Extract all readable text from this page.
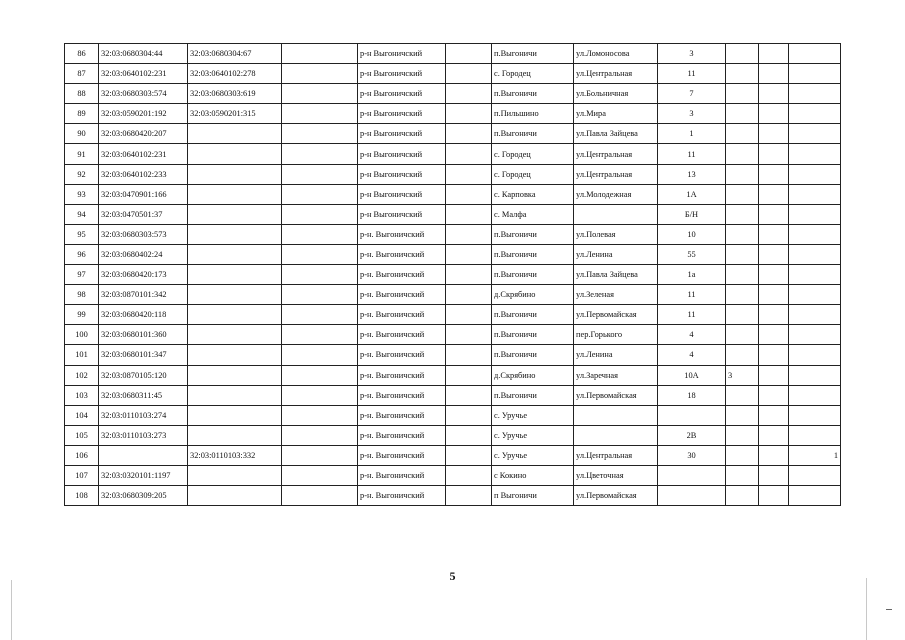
86	32:03:0680304:44	32:03:0680304:67		р-н Выгоничский		п.Выгоничи	ул.Ломоносова	3			
87	32:03:0640102:231	32:03:0640102:278		р-н Выгоничский		с. Городец	ул.Центральная	11			
88	32:03:0680303:574	32:03:0680303:619		р-н Выгоничский		п.Выгоничи	ул.Больничная	7			
89	32:03:0590201:192	32:03:0590201:315		р-н Выгоничский		п.Пильшино	ул.Мира	3			
90	32:03:0680420:207			р-н Выгоничский		п.Выгоничи	ул.Павла Зайцева	1			
91	32:03:0640102:231			р-н Выгоничский		с. Городец	ул.Центральная	11			
92	32:03:0640102:233			р-н Выгоничский		с. Городец	ул.Центральная	13			
93	32:03:0470901:166			р-н Выгоничский		с. Карповка	ул.Молодежная	1А			
94	32:03:0470501:37			р-н Выгоничский		с. Малфа		Б/Н			
95	32:03:0680303:573			р-н. Выгоничский		п.Выгоничи	ул.Полевая	10			
96	32:03:0680402:24			р-н. Выгоничский		п.Выгоничи	ул.Ленина	55			
97	32:03:0680420:173			р-н. Выгоничский		п.Выгоничи	ул.Павла Зайцева	1а			
98	32:03:0870101:342			р-н. Выгоничский		д.Скрябино	ул.Зеленая	11			
99	32:03:0680420:118			р-н. Выгоничский		п.Выгоничи	ул.Первомайская	11			
100	32:03:0680101:360			р-н. Выгоничский		п.Выгоничи	пер.Горького	4			
101	32:03:0680101:347			р-н. Выгоничский		п.Выгоничи	ул.Ленина	4			
102	32:03:0870105:120			р-н. Выгоничский		д.Скрябино	ул.Заречная	10А	3		
103	32:03:0680311:45			р-н. Выгоничский		п.Выгоничи	ул.Первомайская	18			
104	32:03:0110103:274			р-н. Выгоничский		с. Уручье					
105	32:03:0110103:273			р-н. Выгоничский		с. Уручье		2В			
106		32:03:0110103:332		р-н. Выгоничский		с. Уручье	ул.Центральная	30			1
107	32:03:0320101:1197			р-н. Выгоничский		с Кокино	ул.Цветочная				
108	32:03:0680309:205			р-н. Выгоничский		п Выгоничи	ул.Первомайская				
5
